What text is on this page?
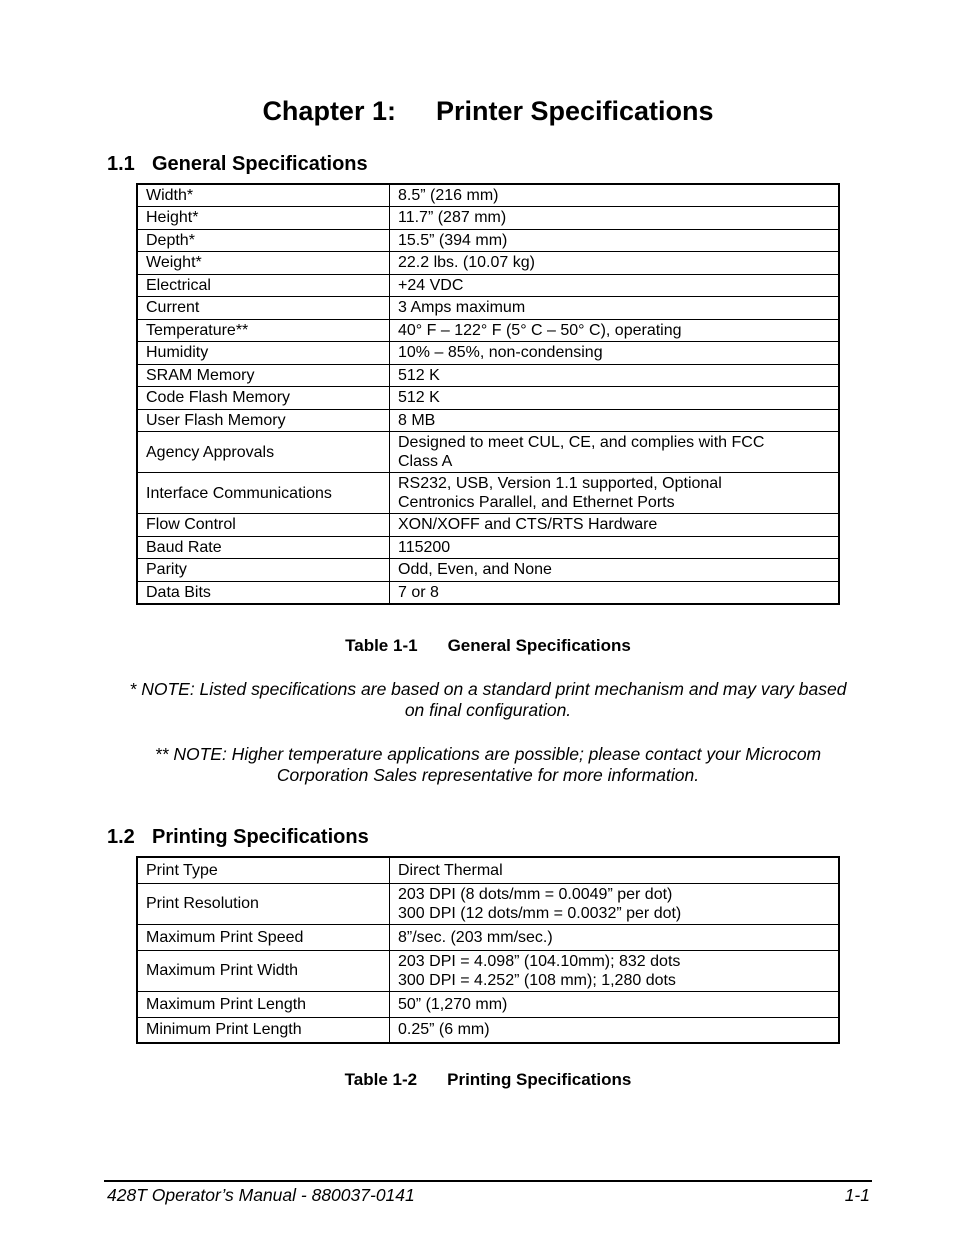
Chapter 1: Printer Specifications
1.1 General Specifications
Width*	8.5” (216 mm)

Height*	11.7” (287 mm)

Depth*	15.5” (394 mm)

Weight*	22.2 lbs. (10.07 kg)

Electrical	+24 VDC

Current	3 Amps maximum

Temperature**	40° F – 122° F (5° C – 50° C), operating

Humidity	10% – 85%, non-condensing

SRAM Memory	512 K

Code Flash Memory	512 K

User Flash Memory	8 MB

Agency Approvals	Designed to meet CUL, CE, and complies with FCC
Class A

Interface Communications	RS232, USB, Version 1.1 supported, Optional
Centronics Parallel, and Ethernet Ports

Flow Control	XON/XOFF and CTS/RTS Hardware

Baud Rate	115200

Parity	Odd, Even, and None

Data Bits	7 or 8

Table 1-1 General Specifications

* NOTE: Listed specifications are based on a standard print mechanism and may vary based on final configuration.

** NOTE: Higher temperature applications are possible; please contact your Microcom Corporation Sales representative for more information.

1.2 Printing Specifications
Print Type	Direct Thermal

Print Resolution	203 DPI (8 dots/mm = 0.0049” per dot)
300 DPI (12 dots/mm = 0.0032” per dot)

Maximum Print Speed	8”/sec. (203 mm/sec.)

Maximum Print Width	203 DPI = 4.098” (104.10mm); 832 dots
300 DPI = 4.252” (108 mm); 1,280 dots

Maximum Print Length	50” (1,270 mm)

Minimum Print Length	0.25” (6 mm)

Table 1-2 Printing Specifications

428T Operator’s Manual - 880037-0141	1-1
